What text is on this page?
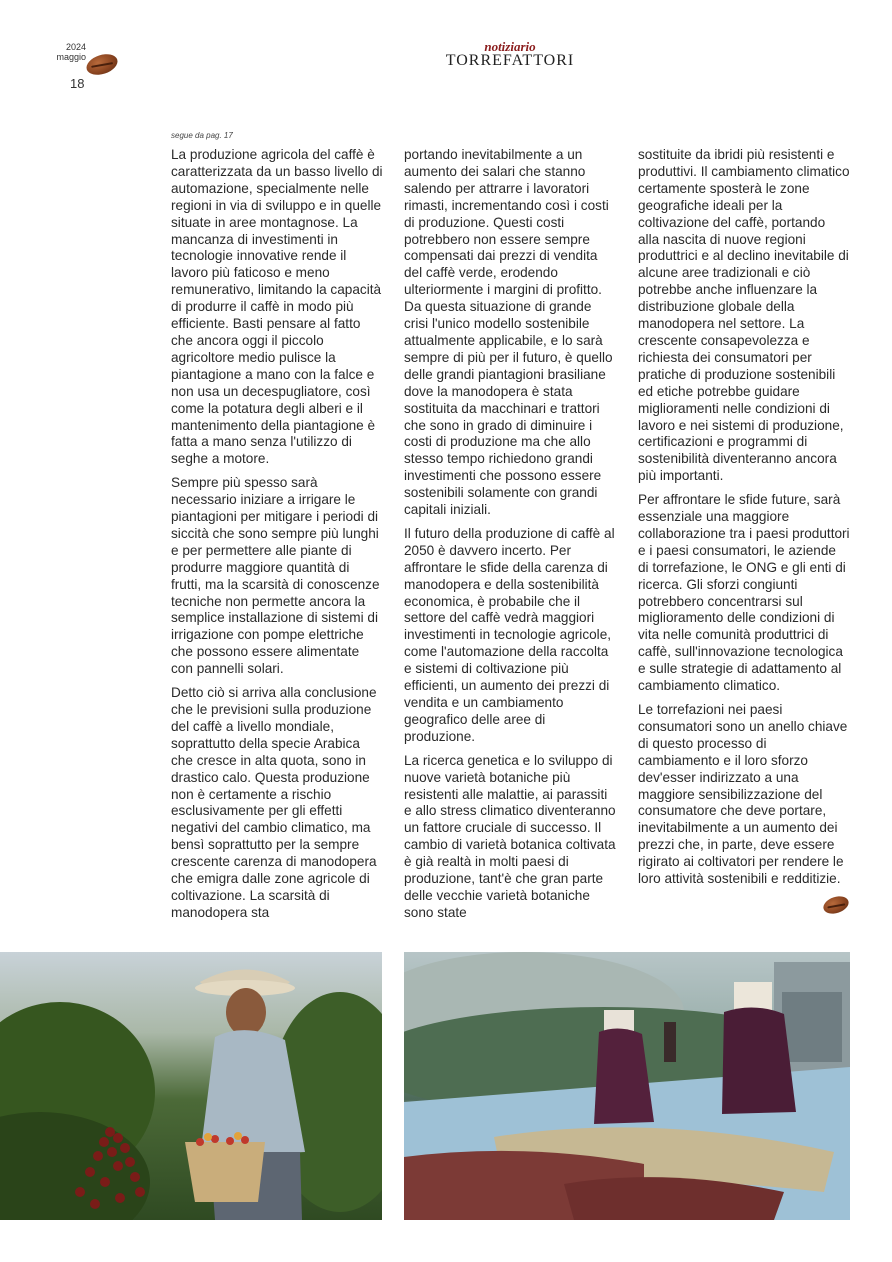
2024
maggio
18
notiziario
TORREFATTORI
segue da pag. 17

La produzione agricola del caffè è caratterizzata da un basso livello di automazione, specialmente nelle regioni in via di sviluppo e in quelle situate in aree montagnose. La mancanza di investimenti in tecnologie innovative rende il lavoro più faticoso e meno remunerativo, limitando la capacità di produrre il caffè in modo più efficiente. Basti pensare al fatto che ancora oggi il piccolo agricoltore medio pulisce la piantagione a mano con la falce e non usa un decespugliatore, così come la potatura degli alberi e il mantenimento della piantagione è fatta a mano senza l'utilizzo di seghe a motore.

Sempre più spesso sarà necessario iniziare a irrigare le piantagioni per mitigare i periodi di siccità che sono sempre più lunghi e per permettere alle piante di produrre maggiore quantità di frutti, ma la scarsità di conoscenze tecniche non permette ancora la semplice installazione di sistemi di irrigazione con pompe elettriche che possono essere alimentate con pannelli solari.

Detto ciò si arriva alla conclusione che le previsioni sulla produzione del caffè a livello mondiale, soprattutto della specie Arabica che cresce in alta quota, sono in drastico calo. Questa produzione non è certamente a rischio esclusivamente per gli effetti negativi del cambio climatico, ma bensì soprattutto per la sempre crescente carenza di manodopera che emigra dalle zone agricole di coltivazione. La scarsità di manodopera sta

portando inevitabilmente a un aumento dei salari che stanno salendo per attrarre i lavoratori rimasti, incrementando così i costi di produzione. Questi costi potrebbero non essere sempre compensati dai prezzi di vendita del caffè verde, erodendo ulteriormente i margini di profitto. Da questa situazione di grande crisi l'unico modello sostenibile attualmente applicabile, e lo sarà sempre di più per il futuro, è quello delle grandi piantagioni brasiliane dove la manodopera è stata sostituita da macchinari e trattori che sono in grado di diminuire i costi di produzione ma che allo stesso tempo richiedono grandi investimenti che possono essere sostenibili solamente con grandi capitali iniziali.

Il futuro della produzione di caffè al 2050 è davvero incerto. Per affrontare le sfide della carenza di manodopera e della sostenibilità economica, è probabile che il settore del caffè vedrà maggiori investimenti in tecnologie agricole, come l'automazione della raccolta e sistemi di coltivazione più efficienti, un aumento dei prezzi di vendita e un cambiamento geografico delle aree di produzione.

La ricerca genetica e lo sviluppo di nuove varietà botaniche più resistenti alle malattie, ai parassiti e allo stress climatico diventeranno un fattore cruciale di successo. Il cambio di varietà botanica coltivata è già realtà in molti paesi di produzione, tant'è che gran parte delle vecchie varietà botaniche sono state

sostituite da ibridi più resistenti e produttivi. Il cambiamento climatico certamente sposterà le zone geografiche ideali per la coltivazione del caffè, portando alla nascita di nuove regioni produttrici e al declino inevitabile di alcune aree tradizionali e ciò potrebbe anche influenzare la distribuzione globale della manodopera nel settore. La crescente consapevolezza e richiesta dei consumatori per pratiche di produzione sostenibili ed etiche potrebbe guidare miglioramenti nelle condizioni di lavoro e nei sistemi di produzione, certificazioni e programmi di sostenibilità diventeranno ancora più importanti.

Per affrontare le sfide future, sarà essenziale una maggiore collaborazione tra i paesi produttori e i paesi consumatori, le aziende di torrefazione, le ONG e gli enti di ricerca. Gli sforzi congiunti potrebbero concentrarsi sul miglioramento delle condizioni di vita nelle comunità produttrici di caffè, sull'innovazione tecnologica e sulle strategie di adattamento al cambiamento climatico.

Le torrefazioni nei paesi consumatori sono un anello chiave di questo processo di cambiamento e il loro sforzo dev'esser indirizzato a una maggiore sensibilizzazione del consumatore che deve portare, inevitabilmente a un aumento dei prezzi che, in parte, deve essere rigirato ai coltivatori per rendere le loro attività sostenibili e redditizie.
